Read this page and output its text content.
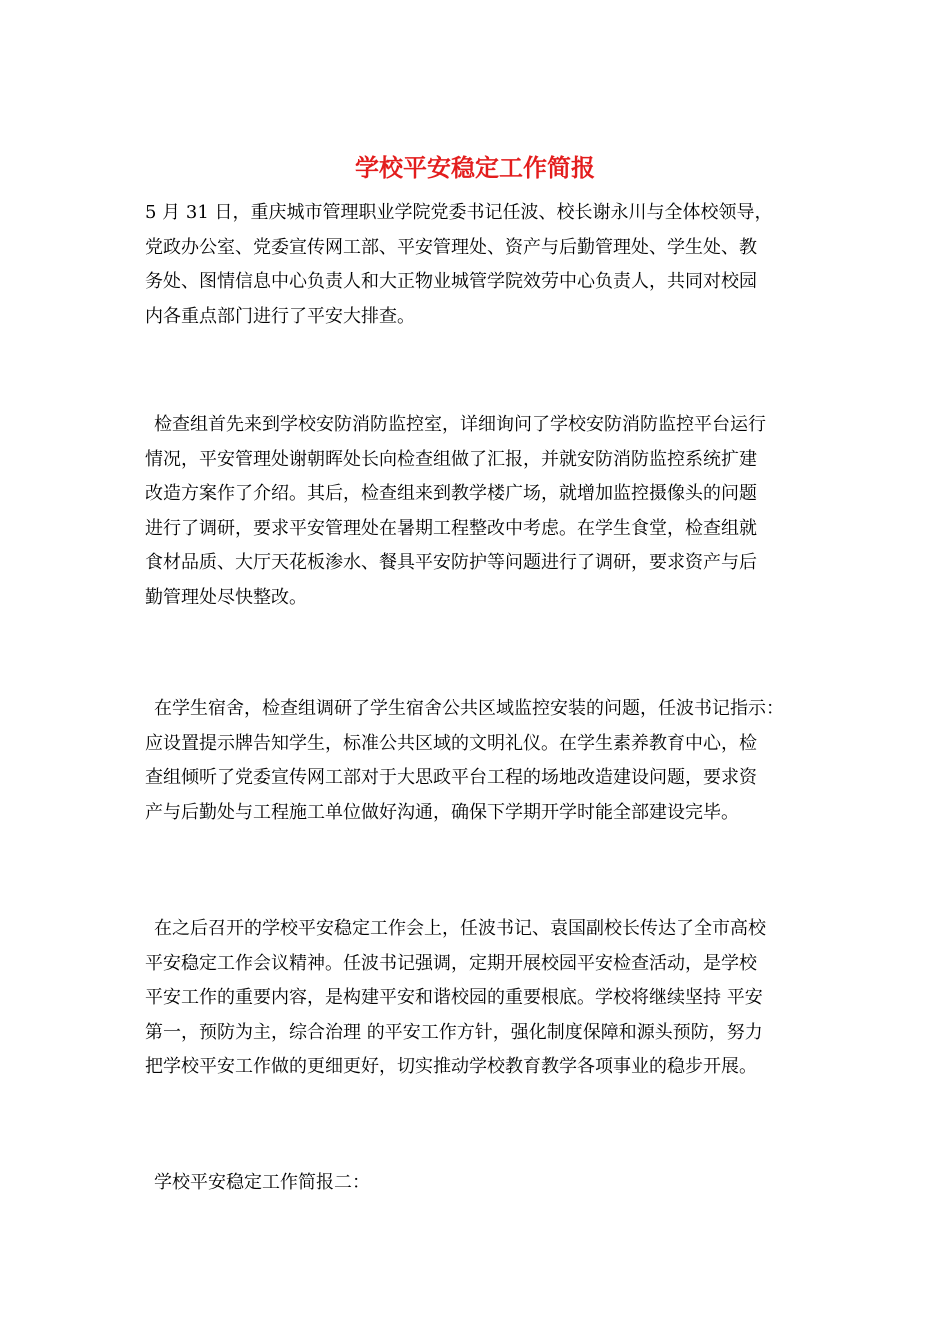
学校平安稳定工作简报

5 月 31 日，重庆城市管理职业学院党委书记任波、校长谢永川与全体校领导，
党政办公室、党委宣传网工部、平安管理处、资产与后勤管理处、学生处、教
务处、图情信息中心负责人和大正物业城管学院效劳中心负责人，共同对校园
内各重点部门进行了平安大排查。

检查组首先来到学校安防消防监控室，详细询问了学校安防消防监控平台运行
情况，平安管理处谢朝晖处长向检查组做了汇报，并就安防消防监控系统扩建
改造方案作了介绍。其后，检查组来到教学楼广场，就增加监控摄像头的问题
进行了调研，要求平安管理处在暑期工程整改中考虑。在学生食堂，检查组就
食材品质、大厅天花板渗水、餐具平安防护等问题进行了调研，要求资产与后
勤管理处尽快整改。

在学生宿舍，检查组调研了学生宿舍公共区域监控安装的问题，任波书记指示：
应设置提示牌告知学生，标准公共区域的文明礼仪。在学生素养教育中心，检
查组倾听了党委宣传网工部对于大思政平台工程的场地改造建设问题，要求资
产与后勤处与工程施工单位做好沟通，确保下学期开学时能全部建设完毕。

在之后召开的学校平安稳定工作会上，任波书记、袁国副校长传达了全市高校
平安稳定工作会议精神。任波书记强调，定期开展校园平安检查活动，是学校
平安工作的重要内容，是构建平安和谐校园的重要根底。学校将继续坚持 平安
第一，预防为主，综合治理 的平安工作方针，强化制度保障和源头预防，努力
把学校平安工作做的更细更好，切实推动学校教育教学各项事业的稳步开展。

学校平安稳定工作简报二：
